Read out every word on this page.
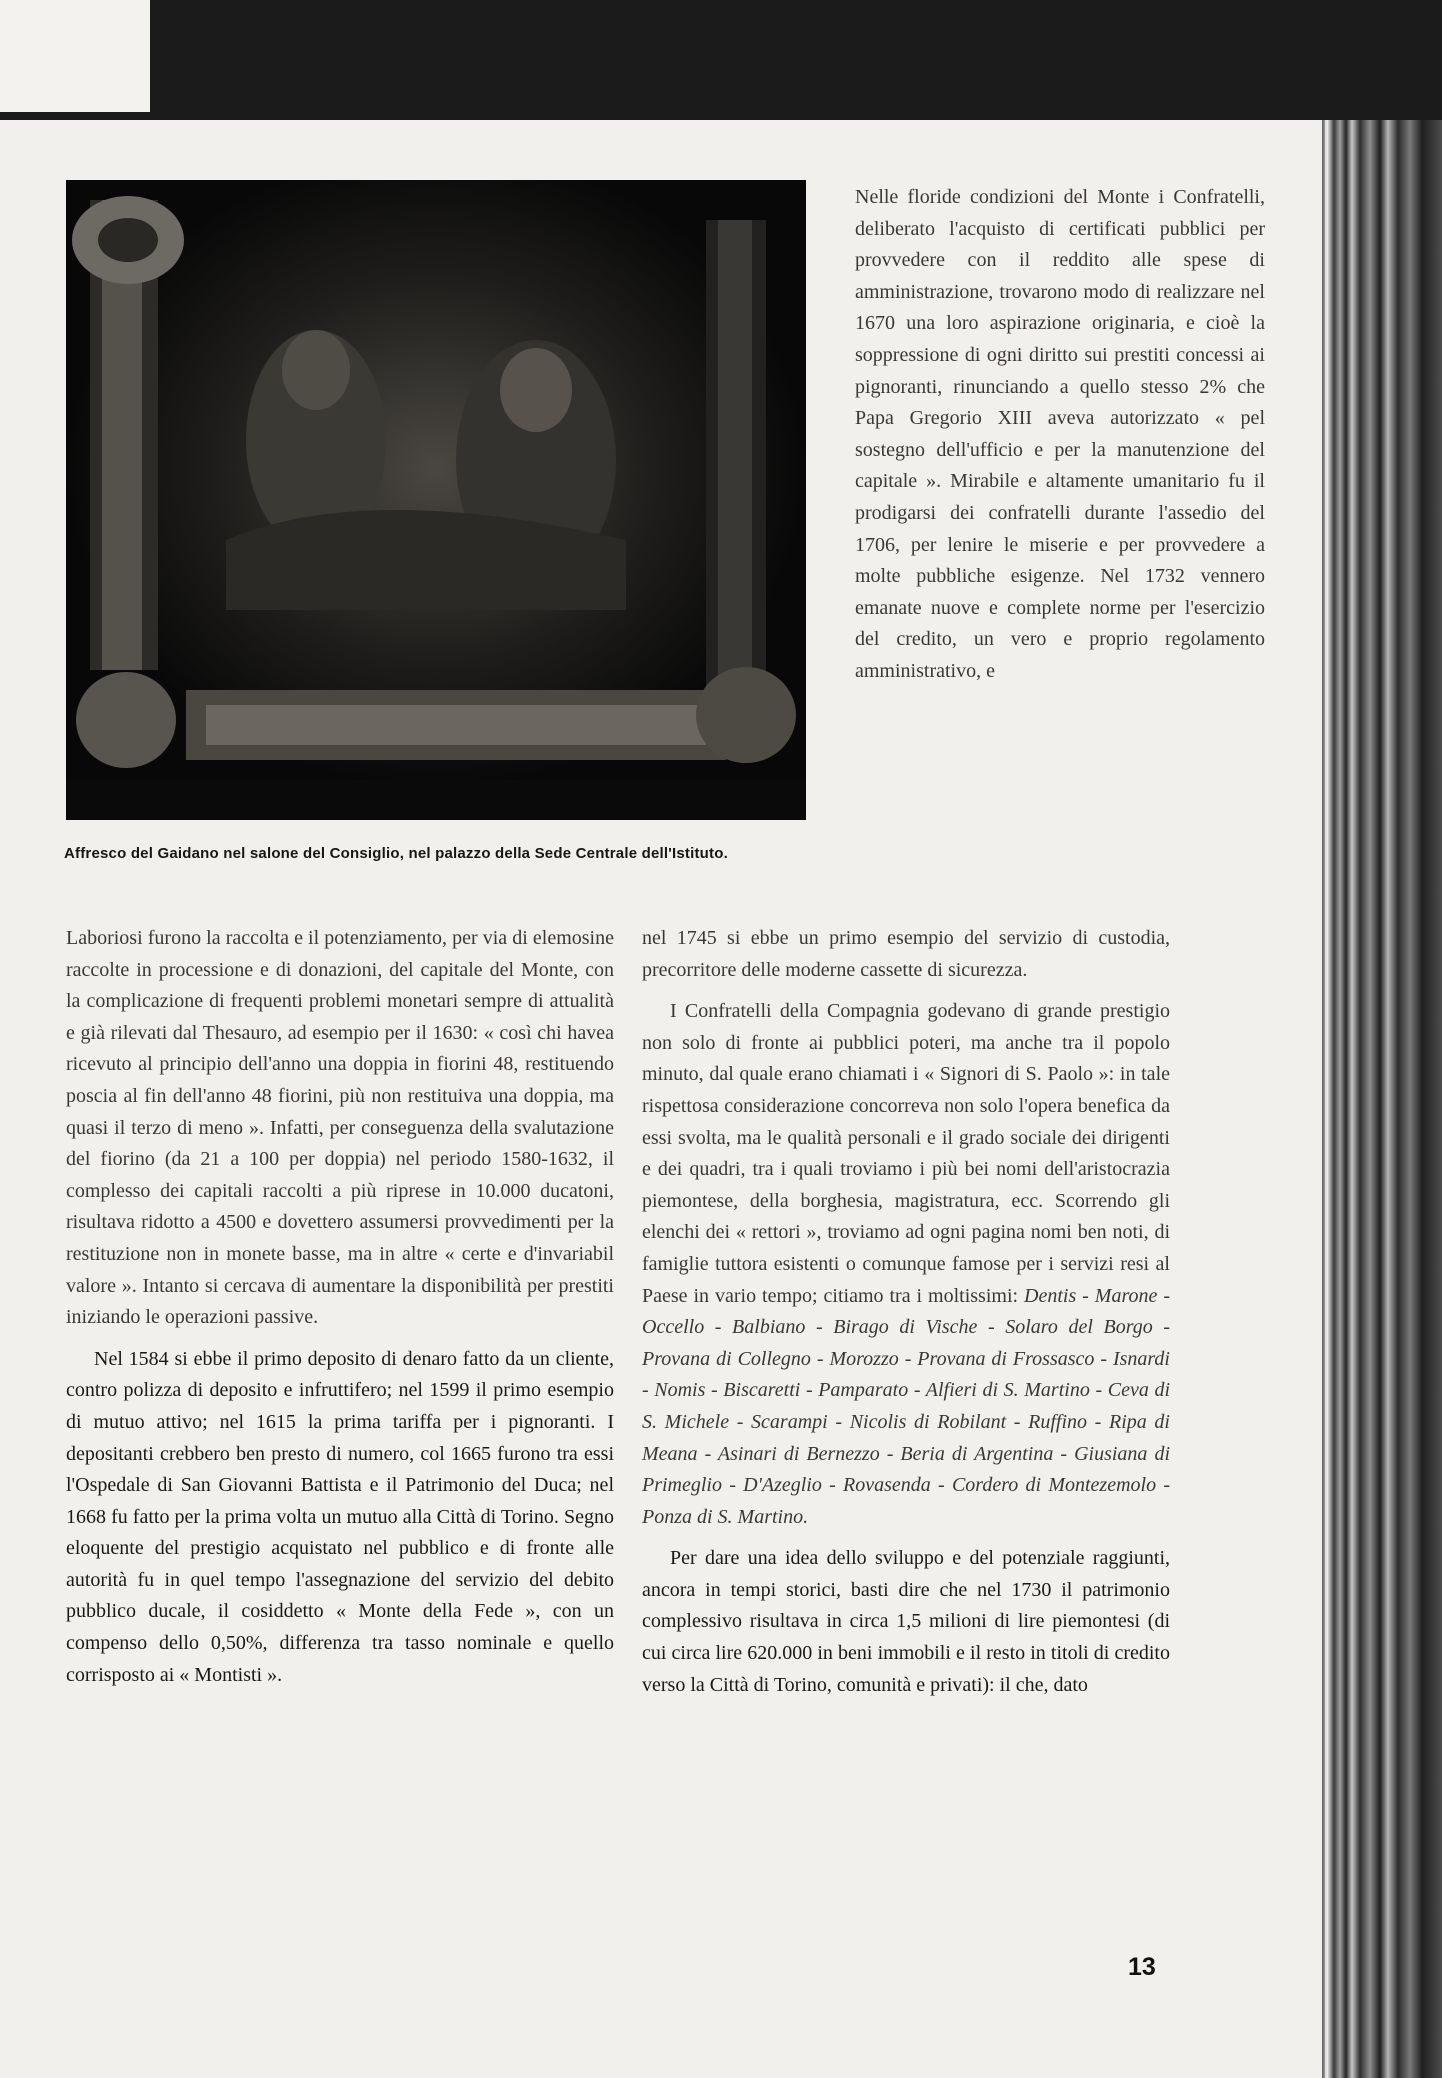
Affresco del Gaidano nel salone del Consiglio, nel palazzo della Sede Centrale dell'Istituto.

Nelle floride condizioni del Monte i Confratelli, deliberato l'acquisto di certificati pubblici per provvedere con il reddito alle spese di amministrazione, trovarono modo di realizzare nel 1670 una loro aspirazione originaria, e cioè la soppressione di ogni diritto sui prestiti concessi ai pignoranti, rinunciando a quello stesso 2% che Papa Gregorio XIII aveva autorizzato « pel sostegno dell'ufficio e per la manutenzione del capitale ». Mirabile e altamente umanitario fu il prodigarsi dei confratelli durante l'assedio del 1706, per lenire le miserie e per provvedere a molte pubbliche esigenze. Nel 1732 vennero emanate nuove e complete norme per l'esercizio del credito, un vero e proprio regolamento amministrativo, e

Laboriosi furono la raccolta e il potenziamento, per via di elemosine raccolte in processione e di donazioni, del capitale del Monte, con la complicazione di frequenti problemi monetari sempre di attualità e già rilevati dal Thesauro, ad esempio per il 1630: « così chi havea ricevuto al principio dell'anno una doppia in fiorini 48, restituendo poscia al fin dell'anno 48 fiorini, più non restituiva una doppia, ma quasi il terzo di meno ». Infatti, per conseguenza della svalutazione del fiorino (da 21 a 100 per doppia) nel periodo 1580-1632, il complesso dei capitali raccolti a più riprese in 10.000 ducatoni, risultava ridotto a 4500 e dovettero assumersi provvedimenti per la restituzione non in monete basse, ma in altre « certe e d'invariabil valore ». Intanto si cercava di aumentare la disponibilità per prestiti iniziando le operazioni passive.

Nel 1584 si ebbe il primo deposito di denaro fatto da un cliente, contro polizza di deposito e infruttifero; nel 1599 il primo esempio di mutuo attivo; nel 1615 la prima tariffa per i pignoranti. I depositanti crebbero ben presto di numero, col 1665 furono tra essi l'Ospedale di San Giovanni Battista e il Patrimonio del Duca; nel 1668 fu fatto per la prima volta un mutuo alla Città di Torino. Segno eloquente del prestigio acquistato nel pubblico e di fronte alle autorità fu in quel tempo l'assegnazione del servizio del debito pubblico ducale, il cosiddetto « Monte della Fede », con un compenso dello 0,50%, differenza tra tasso nominale e quello corrisposto ai « Montisti ».

nel 1745 si ebbe un primo esempio del servizio di custodia, precorritore delle moderne cassette di sicurezza.

I Confratelli della Compagnia godevano di grande prestigio non solo di fronte ai pubblici poteri, ma anche tra il popolo minuto, dal quale erano chiamati i « Signori di S. Paolo »: in tale rispettosa considerazione concorreva non solo l'opera benefica da essi svolta, ma le qualità personali e il grado sociale dei dirigenti e dei quadri, tra i quali troviamo i più bei nomi dell'aristocrazia piemontese, della borghesia, magistratura, ecc. Scorrendo gli elenchi dei « rettori », troviamo ad ogni pagina nomi ben noti, di famiglie tuttora esistenti o comunque famose per i servizi resi al Paese in vario tempo; citiamo tra i moltissimi: Dentis - Marone - Occello - Balbiano - Birago di Vische - Solaro del Borgo - Provana di Collegno - Morozzo - Provana di Frossasco - Isnardi - Nomis - Biscaretti - Pamparato - Alfieri di S. Martino - Ceva di S. Michele - Scarampi - Nicolis di Robilant - Ruffino - Ripa di Meana - Asinari di Bernezzo - Beria di Argentina - Giusiana di Primeglio - D'Azeglio - Rovasenda - Cordero di Montezemolo - Ponza di S. Martino.

Per dare una idea dello sviluppo e del potenziale raggiunti, ancora in tempi storici, basti dire che nel 1730 il patrimonio complessivo risultava in circa 1,5 milioni di lire piemontesi (di cui circa lire 620.000 in beni immobili e il resto in titoli di credito verso la Città di Torino, comunità e privati): il che, dato

13
